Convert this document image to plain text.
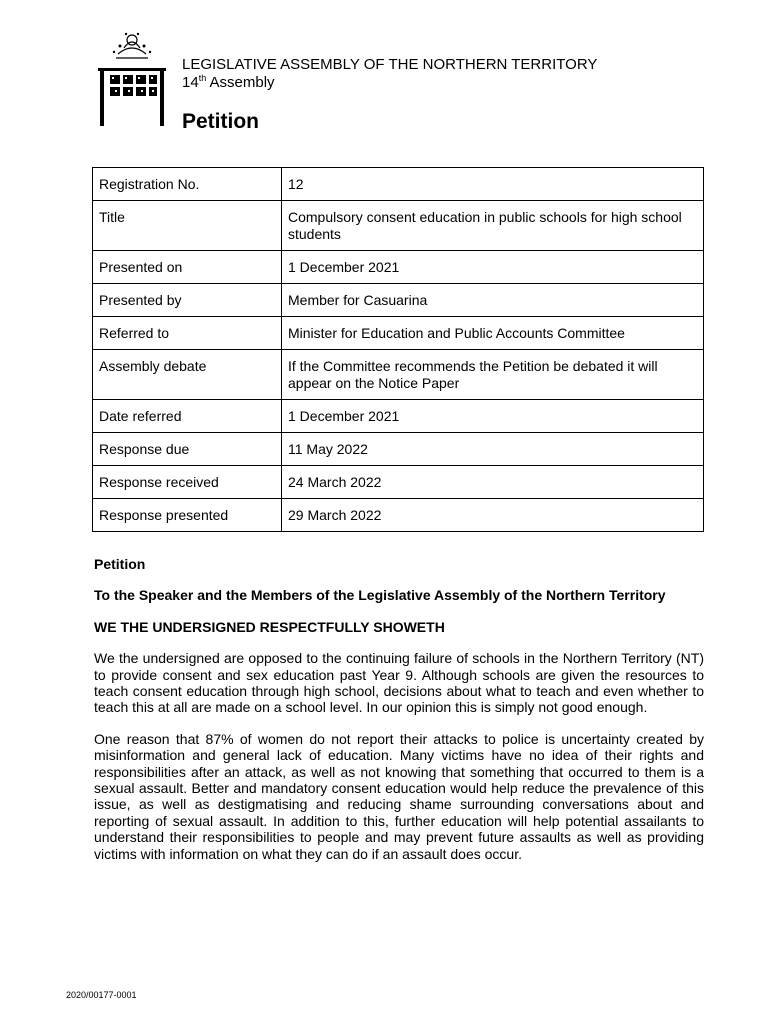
LEGISLATIVE ASSEMBLY OF THE NORTHERN TERRITORY
14th Assembly
Petition
Registration No.	12
Title	Compulsory consent education in public schools for high school students
Presented on	1 December 2021
Presented by	Member for Casuarina
Referred to	Minister for Education and Public Accounts Committee
Assembly debate	If the Committee recommends the Petition be debated it will appear on the Notice Paper
Date referred	1 December 2021
Response due	11 May 2022
Response received	24 March 2022
Response presented	29 March 2022

Petition

To the Speaker and the Members of the Legislative Assembly of the Northern Territory

WE THE UNDERSIGNED RESPECTFULLY SHOWETH

We the undersigned are opposed to the continuing failure of schools in the Northern Territory (NT) to provide consent and sex education past Year 9. Although schools are given the resources to teach consent education through high school, decisions about what to teach and even whether to teach this at all are made on a school level. In our opinion this is simply not good enough.

One reason that 87% of women do not report their attacks to police is uncertainty created by misinformation and general lack of education. Many victims have no idea of their rights and responsibilities after an attack, as well as not knowing that something that occurred to them is a sexual assault. Better and mandatory consent education would help reduce the prevalence of this issue, as well as destigmatising and reducing shame surrounding conversations about and reporting of sexual assault. In addition to this, further education will help potential assailants to understand their responsibilities to people and may prevent future assaults as well as providing victims with information on what they can do if an assault does occur.

2020/00177-0001
